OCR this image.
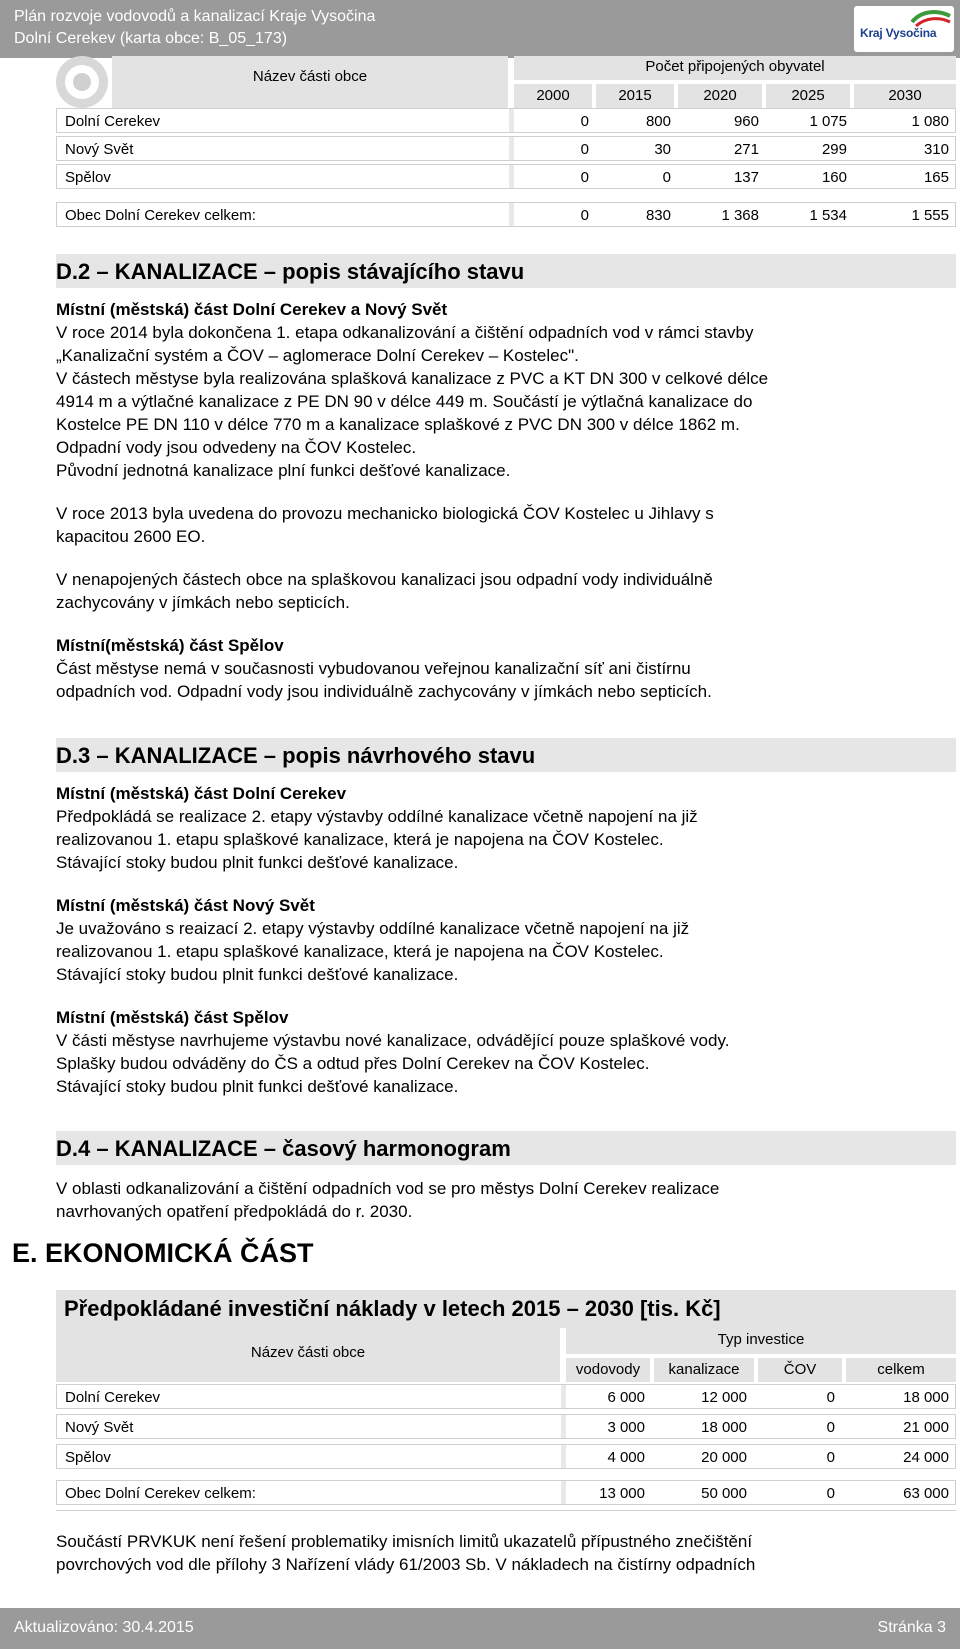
Plán rozvoje vodovodů a kanalizací Kraje Vysočina
Dolní Cerekev (karta obce: B_05_173)	Kraj Vysočina
Název části obce
Počet připojených obyvatel
2000	2015	2020	2025	2030
Dolní Cerekev	0	800	960	1 075	1 080
Nový Svět	0	30	271	299	310
Spělov	0	0	137	160	165
Obec Dolní Cerekev celkem:	0	830	1 368	1 534	1 555
D.2 – KANALIZACE – popis stávajícího stavu
Místní (městská) část Dolní Cerekev a Nový Svět
V roce 2014 byla dokončena 1. etapa odkanalizování a čištění odpadních vod v rámci stavby
„Kanalizační systém a ČOV – aglomerace Dolní Cerekev – Kostelec".
V částech městyse byla realizována splašková kanalizace z PVC a KT DN 300 v celkové délce
4914 m a výtlačné kanalizace z PE DN 90 v délce 449 m. Součástí je výtlačná kanalizace do
Kostelce PE DN 110 v délce 770 m a kanalizace splaškové z PVC DN 300 v délce 1862 m.
Odpadní vody jsou odvedeny na ČOV Kostelec.
Původní jednotná kanalizace plní funkci dešťové kanalizace.
V roce 2013 byla uvedena do provozu mechanicko biologická ČOV Kostelec u Jihlavy s
kapacitou 2600 EO.
V nenapojených částech obce na splaškovou kanalizaci jsou odpadní vody individuálně
zachycovány v jímkách nebo septicích.
Místní(městská) část Spělov
Část městyse nemá v současnosti vybudovanou veřejnou kanalizační síť ani čistírnu
odpadních vod. Odpadní vody jsou individuálně zachycovány v jímkách nebo septicích.
D.3 – KANALIZACE – popis návrhového stavu
Místní (městská) část Dolní Cerekev
Předpokládá se realizace 2. etapy výstavby oddílné kanalizace včetně napojení na již
realizovanou 1. etapu splaškové kanalizace, která je napojena na ČOV Kostelec.
Stávající stoky budou plnit funkci dešťové kanalizace.
Místní (městská) část Nový Svět
Je uvažováno s reaizací 2. etapy výstavby oddílné kanalizace včetně napojení na již
realizovanou 1. etapu splaškové kanalizace, která je napojena na ČOV Kostelec.
Stávající stoky budou plnit funkci dešťové kanalizace.
Místní (městská) část Spělov
V části městyse navrhujeme výstavbu nové kanalizace, odvádějící pouze splaškové vody.
Splašky budou odváděny do ČS a odtud přes Dolní Cerekev na ČOV Kostelec.
Stávající stoky budou plnit funkci dešťové kanalizace.
D.4 – KANALIZACE – časový harmonogram
V oblasti odkanalizování a čištění odpadních vod se pro městys Dolní Cerekev realizace
navrhovaných opatření předpokládá do r. 2030.
E. EKONOMICKÁ ČÁST
Předpokládané investiční náklady v letech 2015 – 2030 [tis. Kč]
Název části obce
Typ investice
vodovody	kanalizace	ČOV	celkem
Dolní Cerekev	6 000	12 000	0	18 000
Nový Svět	3 000	18 000	0	21 000
Spělov	4 000	20 000	0	24 000
Obec Dolní Cerekev celkem:	13 000	50 000	0	63 000
Součástí PRVKUK není řešení problematiky imisních limitů ukazatelů přípustného znečištění
povrchových vod dle přílohy 3 Nařízení vlády 61/2003 Sb. V nákladech na čistírny odpadních
Aktualizováno: 30.4.2015	Stránka 3
